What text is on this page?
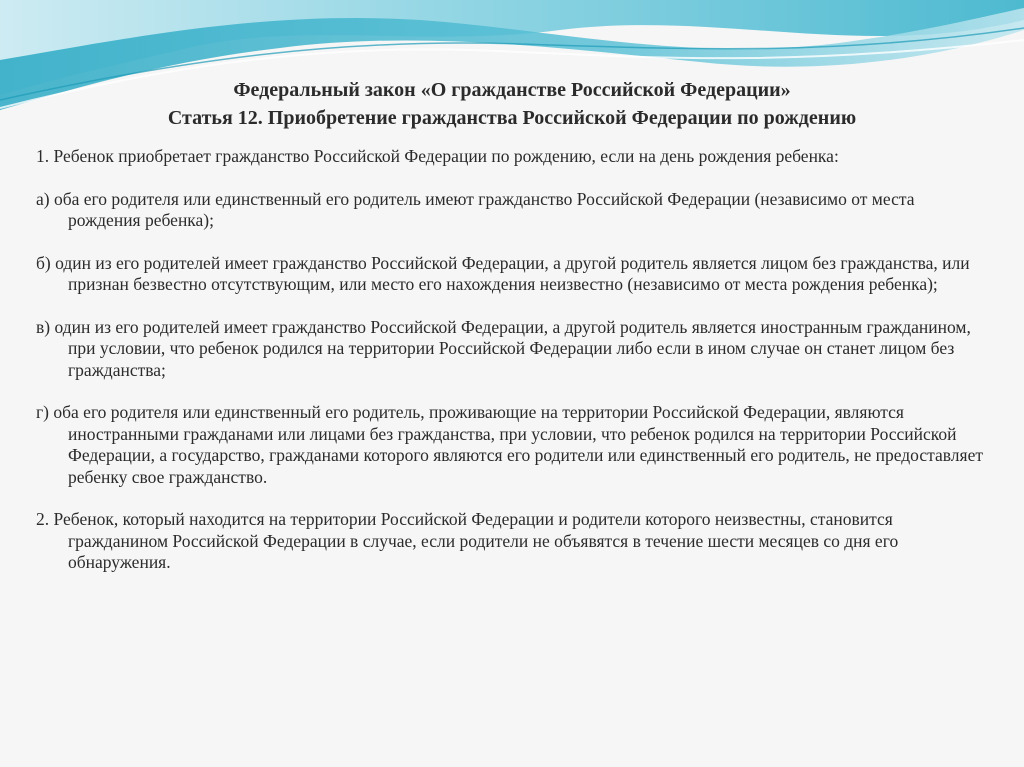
Федеральный закон «О гражданстве Российской Федерации»
Статья 12. Приобретение гражданства Российской Федерации по рождению

1. Ребенок приобретает гражданство Российской Федерации по рождению, если на день рождения ребенка:

а) оба его родителя или единственный его родитель имеют гражданство Российской Федерации (независимо от места рождения ребенка);

б) один из его родителей имеет гражданство Российской Федерации, а другой родитель является лицом без гражданства, или признан безвестно отсутствующим, или место его нахождения неизвестно (независимо от места рождения ребенка);

в) один из его родителей имеет гражданство Российской Федерации, а другой родитель является иностранным гражданином, при условии, что ребенок родился на территории Российской Федерации либо если в ином случае он станет лицом без гражданства;

г) оба его родителя или единственный его родитель, проживающие на территории Российской Федерации, являются иностранными гражданами или лицами без гражданства, при условии, что ребенок родился на территории Российской Федерации, а государство, гражданами которого являются его родители или единственный его родитель, не предоставляет ребенку свое гражданство.

2. Ребенок, который находится на территории Российской Федерации и родители которого неизвестны, становится гражданином Российской Федерации в случае, если родители не объявятся в течение шести месяцев со дня его обнаружения.
